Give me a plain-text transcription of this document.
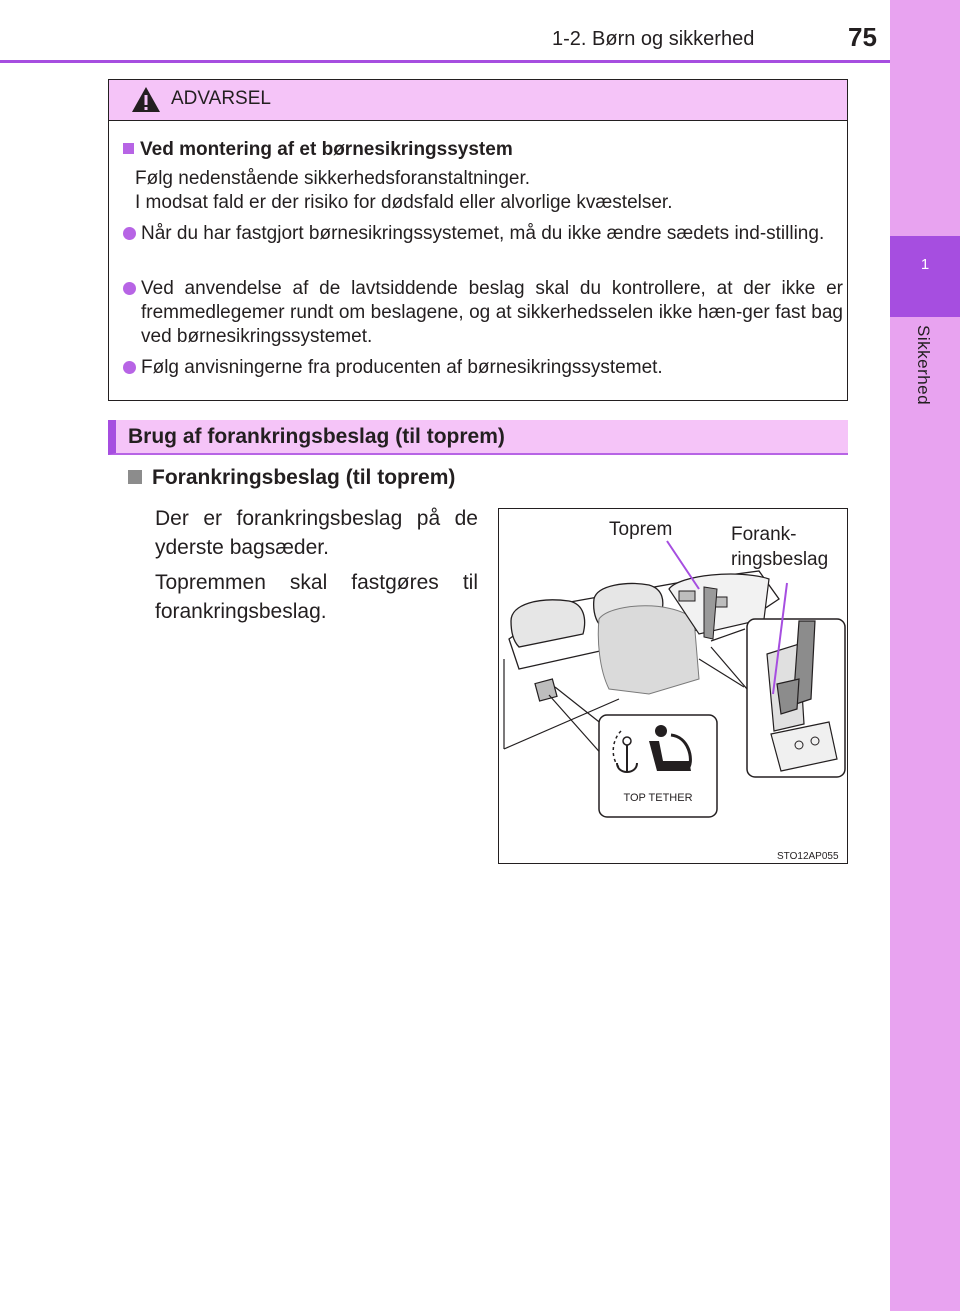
1
Sikkerhed
1-2. Børn og sikkerhed	75
ADVARSEL
Ved montering af et børnesikringssystem
Følg nedenstående sikkerhedsforanstaltninger.
I modsat fald er der risiko for dødsfald eller alvorlige kvæstelser.
Når du har fastgjort børnesikringssystemet, må du ikke ændre sædets ind-stilling.
Ved anvendelse af de lavtsiddende beslag skal du kontrollere, at der ikke er fremmedlegemer rundt om beslagene, og at sikkerhedsselen ikke hæn-ger fast bag ved børnesikringssystemet.
Følg anvisningerne fra producenten af børnesikringssystemet.
Brug af forankringsbeslag (til toprem)
Forankringsbeslag (til toprem)
Der er forankringsbeslag på de yderste bagsæder.
Topremmen skal fastgøres til forankringsbeslag.
TOP TETHER
Toprem	Forank-
ringsbeslag
STO12AP055
